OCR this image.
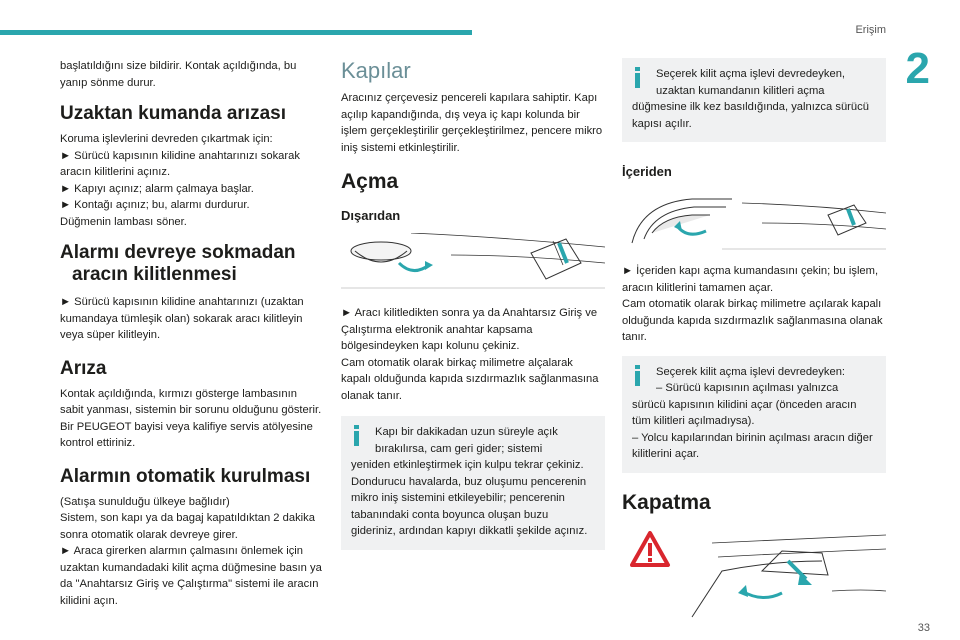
Erişim
2
33

başlatıldığını size bildirir. Kontak açıldığında, bu yanıp sönme durur.

Uzaktan kumanda arızası

Koruma işlevlerini devreden çıkartmak için:

► Sürücü kapısının kilidine anahtarınızı sokarak aracın kilitlerini açınız.

► Kapıyı açınız; alarm çalmaya başlar.

► Kontağı açınız; bu, alarmı durdurur.

Düğmenin lambası söner.

Alarmı devreye sokmadan
aracın kilitlenmesi

► Sürücü kapısının kilidine anahtarınızı (uzaktan kumandaya tümleşik olan) sokarak aracı kilitleyin veya süper kilitleyin.

Arıza

Kontak açıldığında, kırmızı gösterge lambasının sabit yanması, sistemin bir sorunu olduğunu gösterir.

Bir PEUGEOT bayisi veya kalifiye servis atölyesine kontrol ettiriniz.

Alarmın otomatik kurulması

(Satışa sunulduğu ülkeye bağlıdır)

Sistem, son kapı ya da bagaj kapatıldıktan 2 dakika sonra otomatik olarak devreye girer.

► Araca girerken alarmın çalmasını önlemek için uzaktan kumandadaki kilit açma düğmesine basın ya da "Anahtarsız Giriş ve Çalıştırma" sistemi ile aracın kilidini açın.

Kapılar

Aracınız çerçevesiz pencereli kapılara sahiptir. Kapı açılıp kapandığında, dış veya iç kapı kolunda bir işlem gerçekleştirilir gerçekleştirilmez, pencere mikro iniş sistemi etkinleştirilir.

Açma
Dışarıdan

► Aracı kilitledikten sonra ya da Anahtarsız Giriş ve Çalıştırma elektronik anahtar kapsama bölgesindeyken kapı kolunu çekiniz.

Cam otomatik olarak birkaç milimetre alçalarak kapalı olduğunda kapıda sızdırmazlık sağlanmasına olanak tanır.

Kapı bir dakikadan uzun süreyle açık bırakılırsa, cam geri gider; sistemi

yeniden etkinleştirmek için kulpu tekrar çekiniz.

Dondurucu havalarda, buz oluşumu pencerenin mikro iniş sistemini etkileyebilir; pencerenin tabanındaki conta boyunca oluşan buzu gideriniz, ardından kapıyı dikkatli şekilde açınız.

Seçerek kilit açma işlevi devredeyken, uzaktan kumandanın kilitleri açma

düğmesine ilk kez basıldığında, yalnızca sürücü kapısı açılır.

İçeriden

► İçeriden kapı açma kumandasını çekin; bu işlem, aracın kilitlerini tamamen açar.

Cam otomatik olarak birkaç milimetre açılarak kapalı olduğunda kapıda sızdırmazlık sağlanmasına olanak tanır.

Seçerek kilit açma işlevi devredeyken:

– Sürücü kapısının açılması yalnızca

sürücü kapısının kilidini açar (önceden aracın tüm kilitleri açılmadıysa).

– Yolcu kapılarından birinin açılması aracın diğer kilitlerini açar.

Kapatma
